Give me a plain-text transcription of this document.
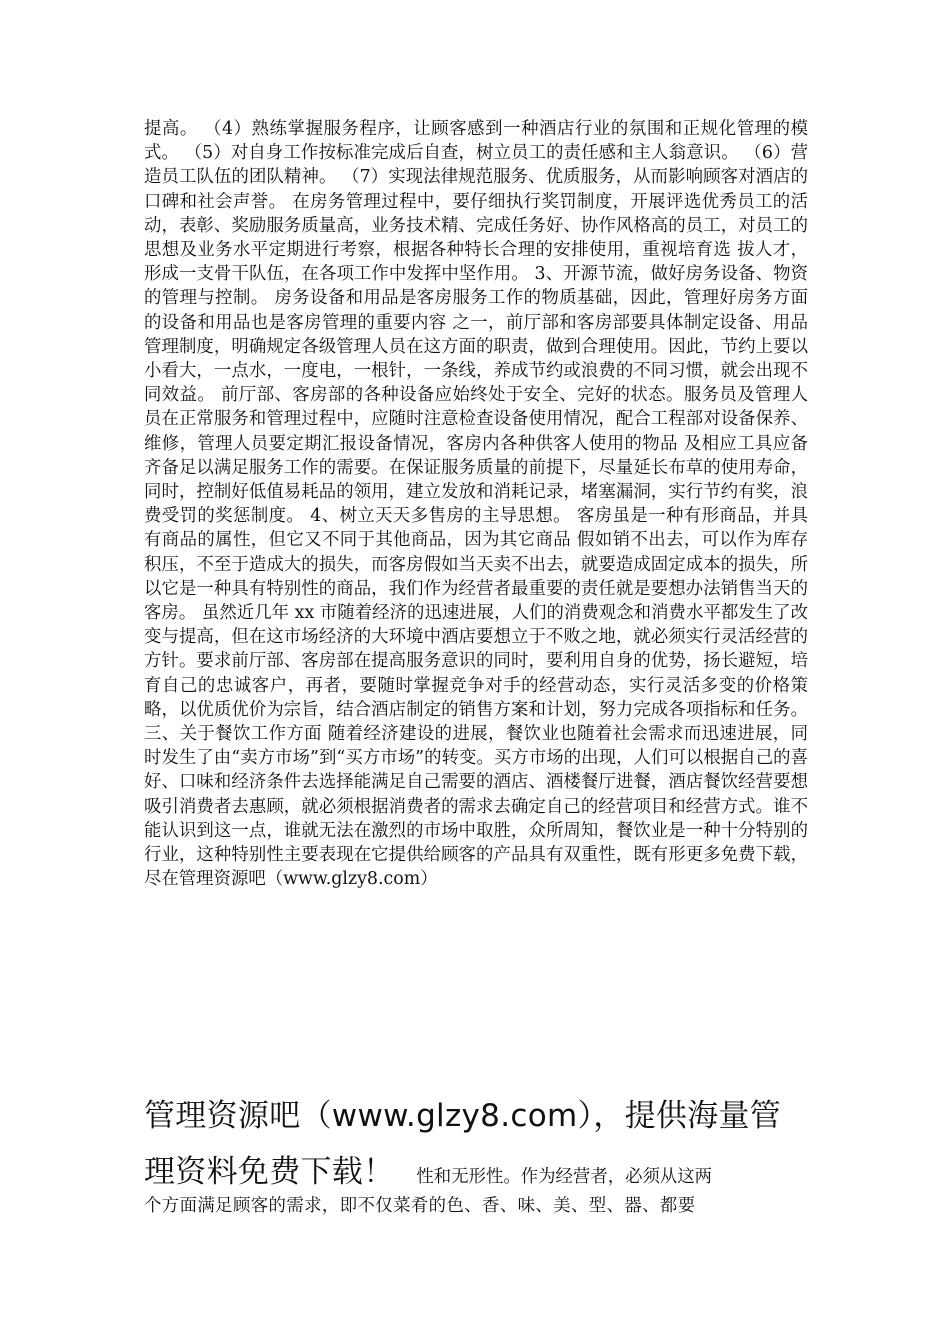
提高。 （4）熟练掌握服务程序，让顾客感到一种酒店行业的氛围和正规化管理的模式。 （5）对自身工作按标准完成后自查，树立员工的责任感和主人翁意识。 （6）营造员工队伍的团队精神。 （7）实现法律规范服务、优质服务，从而影响顾客对酒店的口碑和社会声誉。 在房务管理过程中，要仔细执行奖罚制度，开展评选优秀员工的活动，表彰、奖励服务质量高，业务技术精、完成任务好、协作风格高的员工，对员工的思想及业务水平定期进行考察，根据各种特长合理的安排使用，重视培育选 拔人才，形成一支骨干队伍，在各项工作中发挥中坚作用。 3、开源节流，做好房务设备、物资的管理与控制。 房务设备和用品是客房服务工作的物质基础，因此，管理好房务方面的设备和用品也是客房管理的重要内容 之一，前厅部和客房部要具体制定设备、用品管理制度，明确规定各级管理人员在这方面的职责，做到合理使用。因此，节约上要以小看大，一点水，一度电，一根针，一条线，养成节约或浪费的不同习惯，就会出现不同效益。 前厅部、客房部的各种设备应始终处于安全、完好的状态。服务员及管理人员在正常服务和管理过程中，应随时注意检查设备使用情况，配合工程部对设备保养、维修，管理人员要定期汇报设备情况，客房内各种供客人使用的物品 及相应工具应备齐备足以满足服务工作的需要。在保证服务质量的前提下，尽量延长布草的使用寿命，同时，控制好低值易耗品的领用，建立发放和消耗记录，堵塞漏洞，实行节约有奖，浪费受罚的奖惩制度。 4、树立天天多售房的主导思想。 客房虽是一种有形商品，并具有商品的属性，但它又不同于其他商品，因为其它商品 假如销不出去，可以作为库存积压，不至于造成大的损失，而客房假如当天卖不出去，就要造成固定成本的损失，所以它是一种具有特别性的商品，我们作为经营者最重要的责任就是要想办法销售当天的客房。 虽然近几年 xx 市随着经济的迅速进展，人们的消费观念和消费水平都发生了改变与提高，但在这市场经济的大环境中酒店要想立于不败之地，就必须实行灵活经营的方针。要求前厅部、客房部在提高服务意识的同时，要利用自身的优势，扬长避短，培育自己的忠诚客户，再者，要随时掌握竞争对手的经营动态，实行灵活多变的价格策略，以优质优价为宗旨，结合酒店制定的销售方案和计划，努力完成各项指标和任务。 三、关于餐饮工作方面 随着经济建设的进展，餐饮业也随着社会需求而迅速进展，同时发生了由“卖方市场”到“买方市场”的转变。买方市场的出现，人们可以根据自己的喜好、口味和经济条件去选择能满足自己需要的酒店、酒楼餐厅进餐，酒店餐饮经营要想吸引消费者去惠顾，就必须根据消费者的需求去确定自己的经营项目和经营方式。谁不能认识到这一点，谁就无法在激烈的市场中取胜，众所周知，餐饮业是一种十分特别的行业，这种特别性主要表现在它提供给顾客的产品具有双重性，既有形更多免费下载，尽在管理资源吧（www.glzy8.com）
管理资源吧（www.glzy8.com），提供海量管
理资料免费下载！ 性和无形性。作为经营者，必须从这两
个方面满足顾客的需求，即不仅菜肴的色、香、味、美、型、器、都要
